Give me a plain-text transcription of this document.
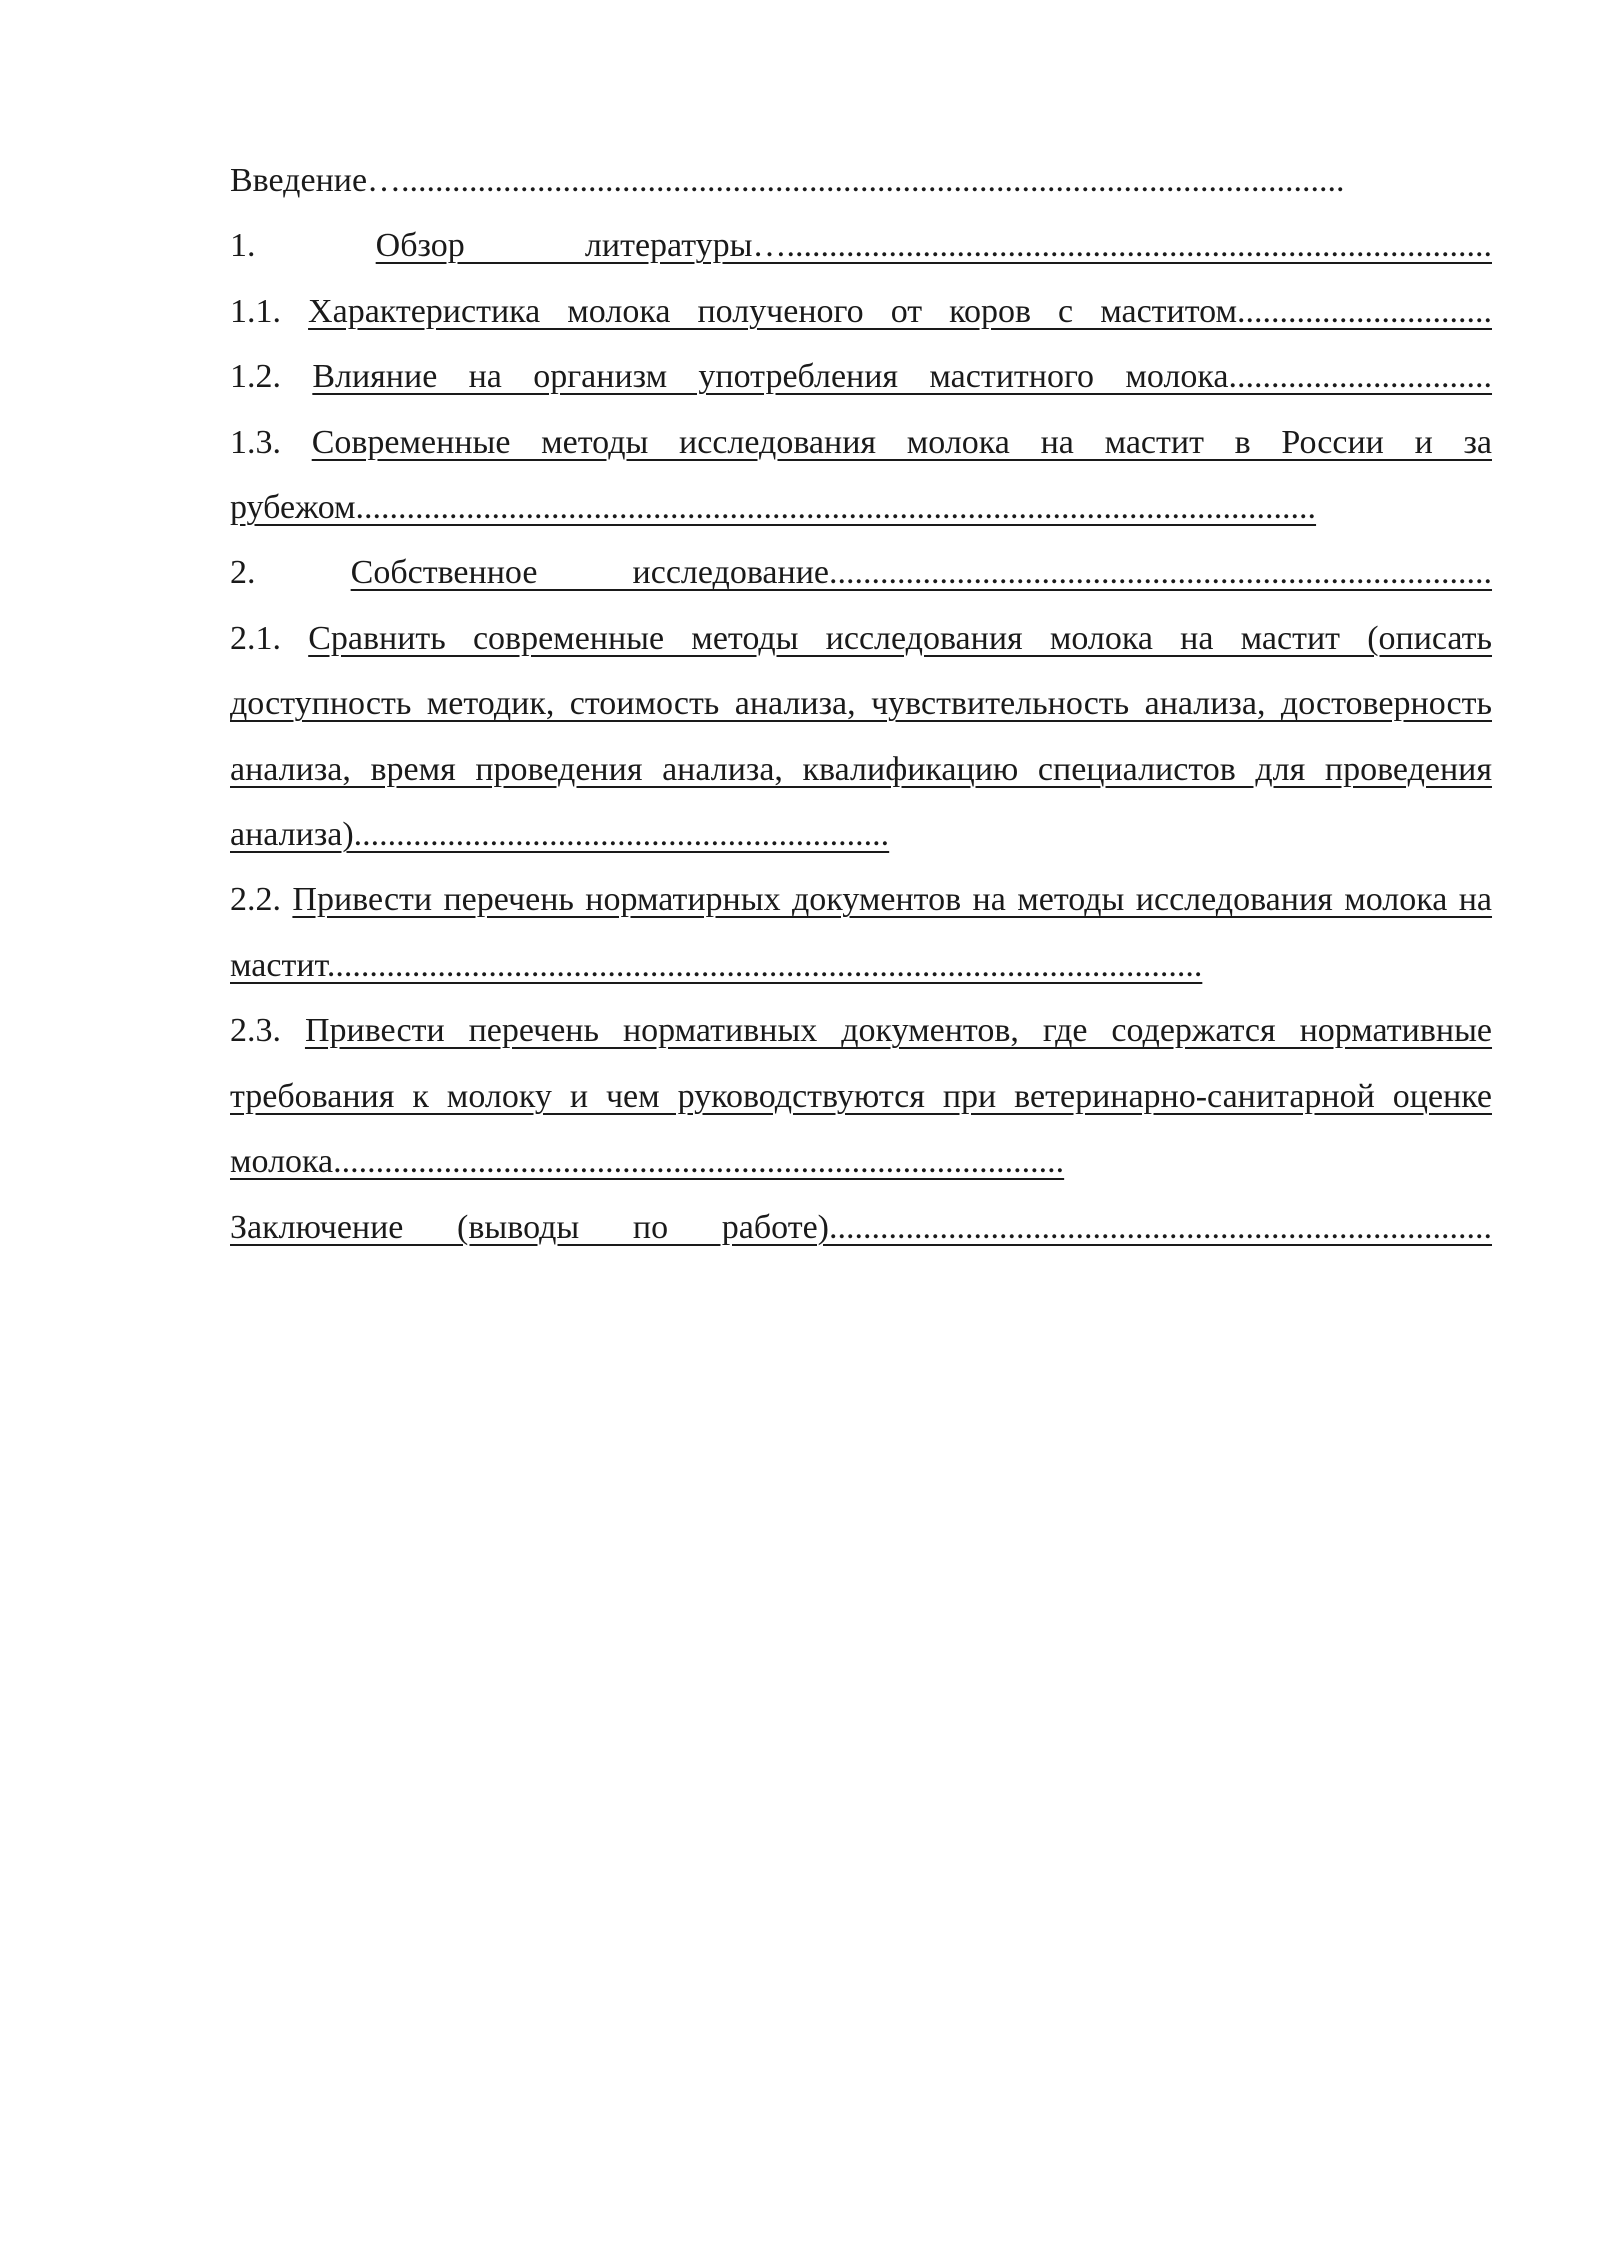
Введение…...............................................................................................................

1.	Обзор литературы…...................................................................................

1.1. Характеристика молока полученого от коров с маститом..............................

1.2. Влияние на организм употребления маститного молока...............................

1.3. Современные методы исследования молока на мастит в России и за рубежом.................................................................................................................

2.	Собственное исследование..............................................................................

2.1. Сравнить современные методы исследования молока на мастит (описать доступность методик, стоимость анализа, чувствительность анализа, достоверность анализа, время проведения анализа, квалификацию специалистов для проведения анализа)...............................................................

2.2. Привести перечень норматирных документов на методы исследования молока на мастит.......................................................................................................

2.3. Привести перечень нормативных документов, где содержатся нормативные требования к молоку и чем руководствуются при ветеринарно-санитарной оценке молока......................................................................................

Заключение (выводы по работе)..............................................................................
